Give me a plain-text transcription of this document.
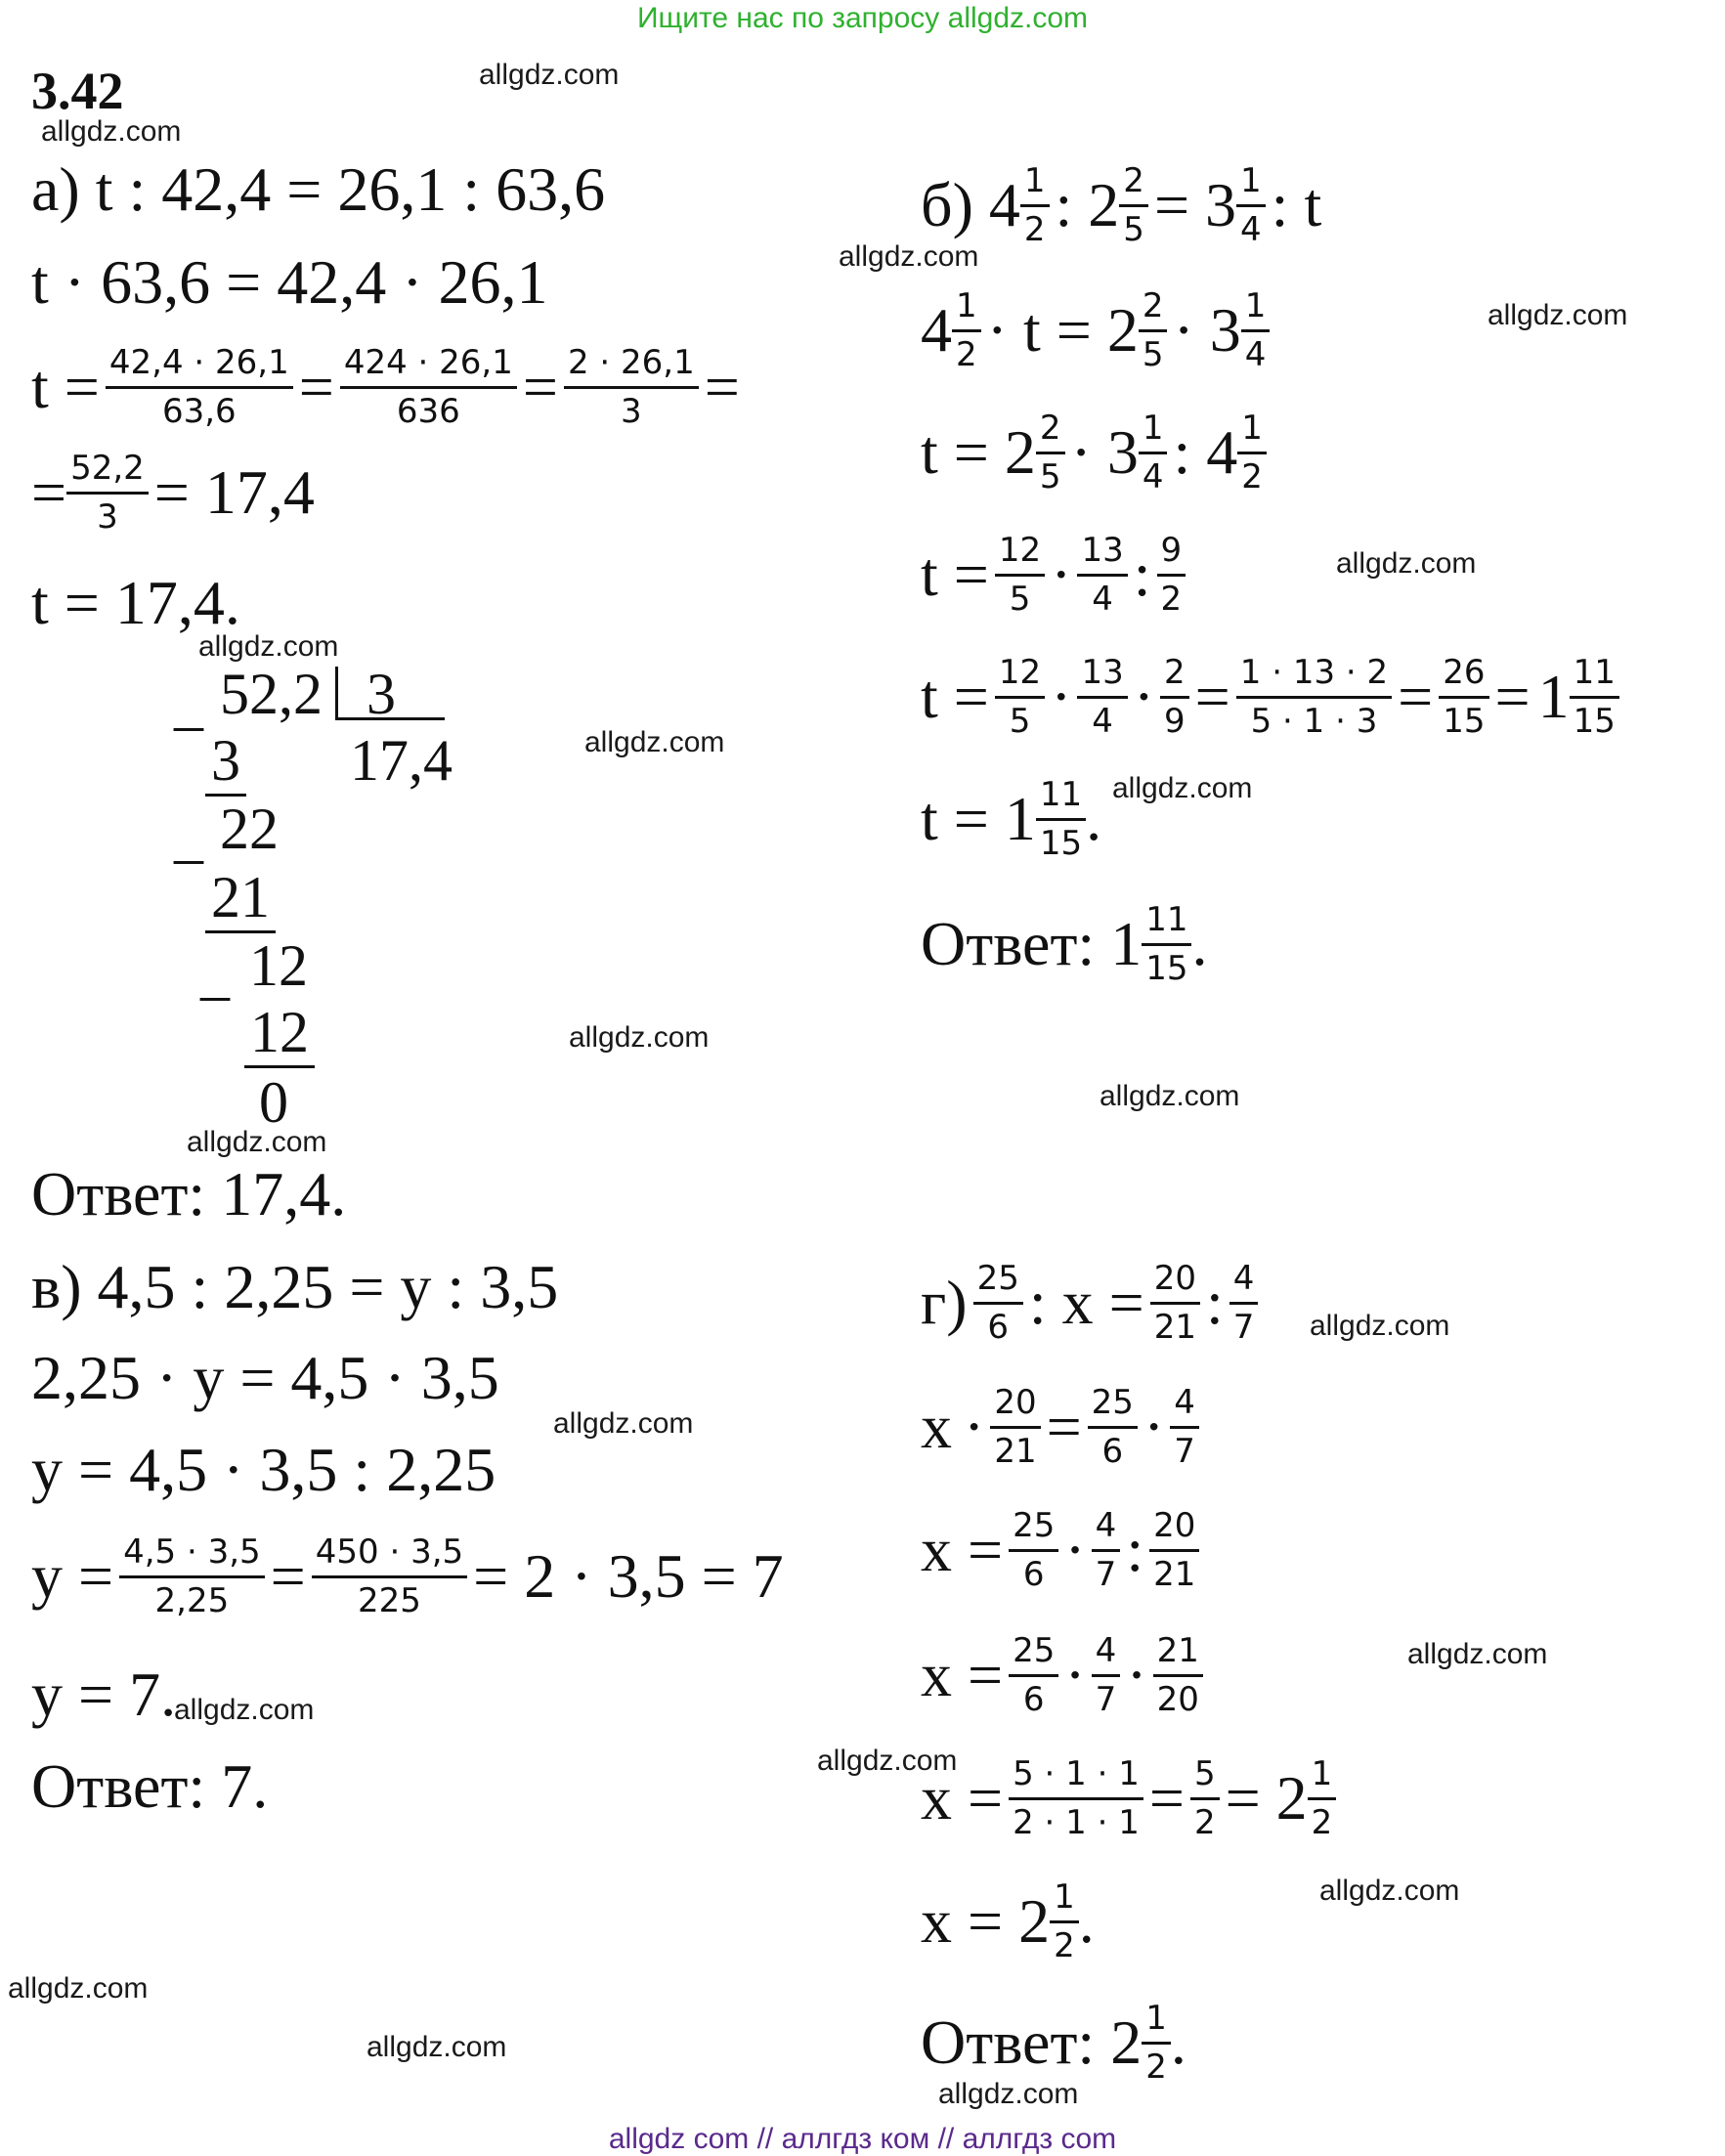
Ищите нас по запросу allgdz.com
3.42	allgdz.com
allgdz.com
allgdz.com
allgdz.com
allgdz.com
allgdz.com
allgdz.com
allgdz.com
allgdz.com
allgdz.com
allgdz.com
allgdz.com
allgdz.com
allgdz.com
allgdz.com
allgdz.com
allgdz.com
allgdz.com
allgdz.com
allgdz.com
а) t : 42,4 = 26,1 : 63,6
t · 63,6 = 42,4 · 26,1
$t = \frac{42,4 \cdot 26,1}{63,6} = \frac{424 \cdot 26,1}{636} = \frac{2 \cdot 26,1}{3}$ =
= $\frac{52,2}{3} = 17,4$
t = 17,4.
_ 52,2 3
17,4
3
_ 22
21
_ 12
12
0
Ответ: 17,4.
б) $4 \frac{1}{2}$ : $2 \frac{2}{5} = 3 \frac{1}{4}$ : t
$4 \frac{1}{2} \cdot t = 2 \frac{2}{5} \cdot 3 \frac{1}{4}$
$t = 2 \frac{2}{5} \cdot 3 \frac{1}{4}$ : $4 \frac{1}{2}$
$t = \frac{12}{5} \cdot \frac{13}{4}$ : $\frac{9}{2}$
$t = \frac{12}{5} \cdot \frac{13}{4} \cdot \frac{2}{9} = \frac{1 \cdot 13 \cdot 2}{5 \cdot 1 \cdot 3} = \frac{26}{15} = 1 \frac{11}{15}$
$t = 1 \frac{11}{15}$ .
Ответ: $1 \frac{11}{15}$ .
в) 4,5 : 2,25 = у : 3,5
2,25 · у = 4,5 · 3,5
у = 4,5 · 3,5 : 2,25
$у = \frac{4,5 \cdot 3,5}{2,25} = \frac{450 \cdot 3,5}{225} = 2 \cdot 3,5 = 7$
у = 7.
Ответ: 7.
$г) \frac{25}{6}$ : $x = \frac{20}{21}$ : $\frac{4}{7}$
$x \cdot \frac{20}{21} = \frac{25}{6} \cdot \frac{4}{7}$
$x = \frac{25}{6} \cdot \frac{4}{7}$ : $\frac{20}{21}$
$x = \frac{25}{6} \cdot \frac{4}{7} \cdot \frac{21}{20}$
$x = \frac{5 \cdot 1 \cdot 1}{2 \cdot 1 \cdot 1} = \frac{5}{2} = 2 \frac{1}{2}$
$x = 2 \frac{1}{2}$ .
Ответ: $2 \frac{1}{2}$ .
allgdz com // аллгдз ком // аллгдз com
